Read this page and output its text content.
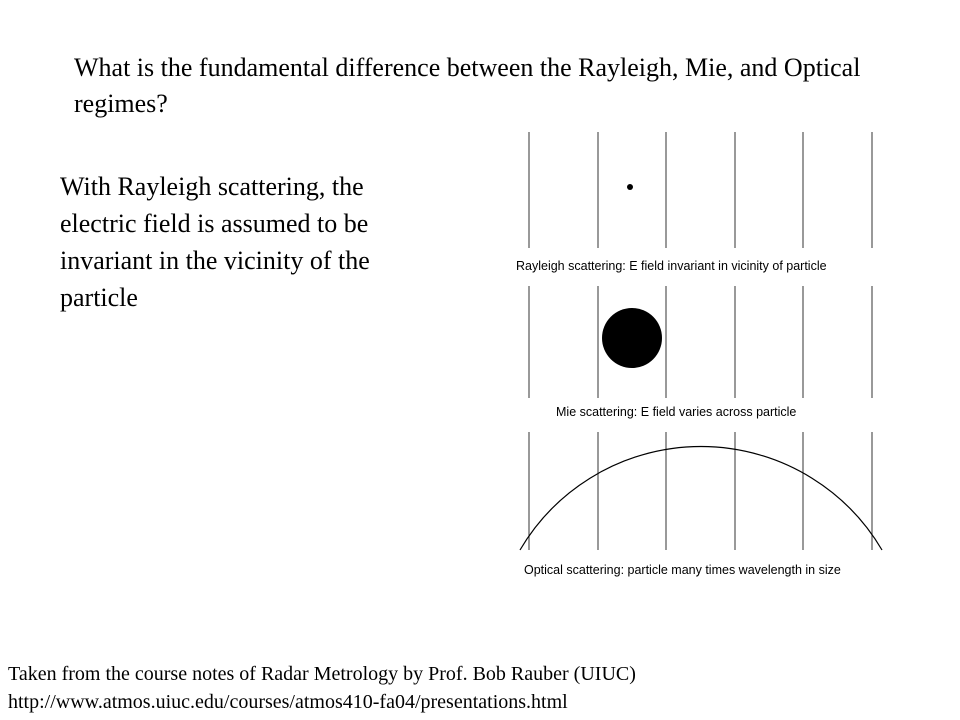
What is the fundamental difference between the Rayleigh, Mie, and Optical regimes?
With Rayleigh scattering, the electric field is assumed to be invariant in the vicinity of the particle
Rayleigh scattering: E field invariant in vicinity of particle
Mie scattering: E field varies across particle
Optical scattering: particle many times wavelength in size
Taken from the course notes of Radar Metrology by Prof. Bob Rauber (UIUC)
http://www.atmos.uiuc.edu/courses/atmos410-fa04/presentations.html
